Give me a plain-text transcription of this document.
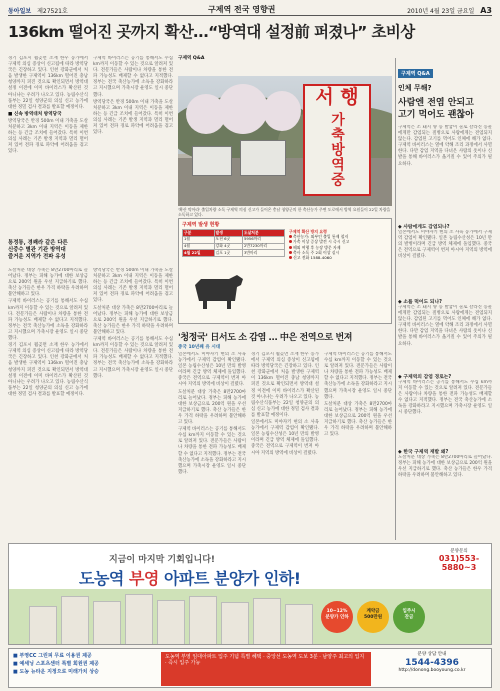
동아일보 제27521호	구제역 전국 영향권	2010년 4월 23일 금요일 A3
136km 떨어진 곳까지 확산…“방역대 설정前 퍼졌나” 초비상

경기 김포시 월곶면 소재 한우 농가에서 구제역 의심 증상이 신고됨에 따라 방역당국은 긴장하고 있다. 인천 강화군에서 처음 발생한 구제역이 136km 떨어진 충남 청양까지 퍼진 것으로 확인되면서 방역대 설정 이전에 이미 바이러스가 확산된 것 아니냐는 우려가 나오고 있다. 농림수산식품부는 22일 청양군의 의심 신고 농가에 대한 정밀 검사 결과를 발표할 예정이다.

■ 신속 방역대처 방역당국

방역당국은 반경 500m 이내 가축을 도살처분하고 3km 이내 지역은 이동을 제한하는 등 긴급 조치에 들어갔다. 특히 이번 의심 사례는 기존 발생 지역과 멀리 떨어져 있어 전파 경로 파악에 어려움을 겪고 있다.

구제역 바이러스는 공기를 통해서도 수십 km까지 이동할 수 있는 것으로 알려져 있다. 전문가들은 사람이나 차량을 통한 전파 가능성도 배제할 수 없다고 지적했다. 정부는 전국 축산농가에 소독을 강화하라고 지시했으며 가축시장 운영도 일시 중단했다.

방역당국은 반경 500m 이내 가축을 도살처분하고 3km 이내 지역은 이동을 제한하는 등 긴급 조치에 들어갔다. 특히 이번 의심 사례는 기존 발생 지역과 멀리 떨어져 있어 전파 경로 파악에 어려움을 겪고 있다.

통정통, 경쾌라 같은 다른
신중수 별관 기관 방역대
즐거운 지역가 전파 유성

도살처분 대상 가축은 8만2700마리로 늘어났다. 정부는 피해 농가에 대한 보상금으로 200억 원을 우선 지급하기로 했다. 축산 농가들은 한우 가격 하락을 우려하며 불안해하고 있다.

구제역 바이러스는 공기를 통해서도 수십 km까지 이동할 수 있는 것으로 알려져 있다. 전문가들은 사람이나 차량을 통한 전파 가능성도 배제할 수 없다고 지적했다. 정부는 전국 축산농가에 소독을 강화하라고 지시했으며 가축시장 운영도 일시 중단했다.

경기 김포시 월곶면 소재 한우 농가에서 구제역 의심 증상이 신고됨에 따라 방역당국은 긴장하고 있다. 인천 강화군에서 처음 발생한 구제역이 136km 떨어진 충남 청양까지 퍼진 것으로 확인되면서 방역대 설정 이전에 이미 바이러스가 확산된 것 아니냐는 우려가 나오고 있다. 농림수산식품부는 22일 청양군의 의심 신고 농가에 대한 정밀 검사 결과를 발표할 예정이다.

방역당국은 반경 500m 이내 가축을 도살처분하고 3km 이내 지역은 이동을 제한하는 등 긴급 조치에 들어갔다. 특히 이번 의심 사례는 기존 발생 지역과 멀리 떨어져 있어 전파 경로 파악에 어려움을 겪고 있다.

도살처분 대상 가축은 8만2700마리로 늘어났다. 정부는 피해 농가에 대한 보상금으로 200억 원을 우선 지급하기로 했다. 축산 농가들은 한우 가격 하락을 우려하며 불안해하고 있다.

구제역 바이러스는 공기를 통해서도 수십 km까지 이동할 수 있는 것으로 알려져 있다. 전문가들은 사람이나 차량을 통한 전파 가능성도 배제할 수 없다고 지적했다. 정부는 전국 축산농가에 소독을 강화하라고 지시했으며 가축시장 운영도 일시 중단했다.

서 행
가축방역중
'확산 막아라' 출입차량 소독 구제역 의심 신고가 들어온 충남 청양군의 한 축산농가 주변 도로에서 방역 요원들이 22일 차량을 소독하고 있다.
구제역 발생 현황
구분	발생	도살처분
1월	포천 6곳	5956마리
4월	강화 4곳	2만7230마리
4월 22일	김포 1곳	3만마리
구제역 확산 방지 요령
축산농가: 외부인 출입 통제 철저
가축 이상 증상 발견 시 즉시 신고
해외 여행 후 농장 방문 자제
축사 소독 주 2회 이상 실시
신고 전화 1588-4060
구제역 Q&A
'청정국' 日서도 소 감염 … 中은 전역으로 번져
중국 10년째 유 시대

일본에서도 미야자키 현의 소 사육 농가에서 구제역 감염이 확인됐다. 일본 농림수산성은 10년 만의 발병이라며 긴급 방역 체제에 돌입했다. 중국은 전역으로 구제역이 번져 아시아 지역의 방역에 비상이 걸렸다.

도살처분 대상 가축은 8만2700마리로 늘어났다. 정부는 피해 농가에 대한 보상금으로 200억 원을 우선 지급하기로 했다. 축산 농가들은 한우 가격 하락을 우려하며 불안해하고 있다.

구제역 바이러스는 공기를 통해서도 수십 km까지 이동할 수 있는 것으로 알려져 있다. 전문가들은 사람이나 차량을 통한 전파 가능성도 배제할 수 없다고 지적했다. 정부는 전국 축산농가에 소독을 강화하라고 지시했으며 가축시장 운영도 일시 중단했다.

경기 김포시 월곶면 소재 한우 농가에서 구제역 의심 증상이 신고됨에 따라 방역당국은 긴장하고 있다. 인천 강화군에서 처음 발생한 구제역이 136km 떨어진 충남 청양까지 퍼진 것으로 확인되면서 방역대 설정 이전에 이미 바이러스가 확산된 것 아니냐는 우려가 나오고 있다. 농림수산식품부는 22일 청양군의 의심 신고 농가에 대한 정밀 검사 결과를 발표할 예정이다.

일본에서도 미야자키 현의 소 사육 농가에서 구제역 감염이 확인됐다. 일본 농림수산성은 10년 만의 발병이라며 긴급 방역 체제에 돌입했다. 중국은 전역으로 구제역이 번져 아시아 지역의 방역에 비상이 걸렸다.

구제역 바이러스는 공기를 통해서도 수십 km까지 이동할 수 있는 것으로 알려져 있다. 전문가들은 사람이나 차량을 통한 전파 가능성도 배제할 수 없다고 지적했다. 정부는 전국 축산농가에 소독을 강화하라고 지시했으며 가축시장 운영도 일시 중단했다.

도살처분 대상 가축은 8만2700마리로 늘어났다. 정부는 피해 농가에 대한 보상금으로 200억 원을 우선 지급하기로 했다. 축산 농가들은 한우 가격 하락을 우려하며 불안해하고 있다.

구제역 Q&A
인체 무해?
사람엔 전염 안되고
고기 먹어도 괜찮아
구제역은 소 돼지 양 등 발굽이 둘로 갈라진 동물에게만 감염되는 질병으로 사람에게는 전염되지 않는다. 감염된 고기를 먹어도 인체에 해가 없다. 구제역 바이러스는 열에 약해 조리 과정에서 사멸한다. 다만 감염 지역을 다녀온 사람의 옷이나 신발을 통해 바이러스가 옮겨질 수 있어 주의가 필요하다.
◆ 사람에게도 감염되나?
일본에서도 미야자키 현의 소 사육 농가에서 구제역 감염이 확인됐다. 일본 농림수산성은 10년 만의 발병이라며 긴급 방역 체제에 돌입했다. 중국은 전역으로 구제역이 번져 아시아 지역의 방역에 비상이 걸렸다.
◆ 소를 먹어도 되나?
구제역은 소 돼지 양 등 발굽이 둘로 갈라진 동물에게만 감염되는 질병으로 사람에게는 전염되지 않는다. 감염된 고기를 먹어도 인체에 해가 없다. 구제역 바이러스는 열에 약해 조리 과정에서 사멸한다. 다만 감염 지역을 다녀온 사람의 옷이나 신발을 통해 바이러스가 옮겨질 수 있어 주의가 필요하다.
◆ 구제역의 감염 경로는?
구제역 바이러스는 공기를 통해서도 수십 km까지 이동할 수 있는 것으로 알려져 있다. 전문가들은 사람이나 차량을 통한 전파 가능성도 배제할 수 없다고 지적했다. 정부는 전국 축산농가에 소독을 강화하라고 지시했으며 가축시장 운영도 일시 중단했다.
◆ 한국 구제역 재발 왜?
도살처분 대상 가축은 8만2700마리로 늘어났다. 정부는 피해 농가에 대한 보상금으로 200억 원을 우선 지급하기로 했다. 축산 농가들은 한우 가격 하락을 우려하며 불안해하고 있다.
지금이 마지막 기회입니다!
도농역 부영 아파트 분양가 인하!
분양문의
031)553-5880~3
10~12%
분양가 인하
계약금
500만원
입주시
잔금
■ 부영CC 그린피 무료 이용권 제공
■ 예세닝 스포츠센터 특별 회원권 제공
■ 도농 뉴타운 지정으로 미래가치 상승
도농역 부영 임대아파트 입주 기념 특별 혜택 · 중앙선 도농역 도보 3분 · 남양주 최고의 입지 · 즉시 입주 가능
분양 상담 안내
1544-4396
http://donong.booyoung.co.kr
